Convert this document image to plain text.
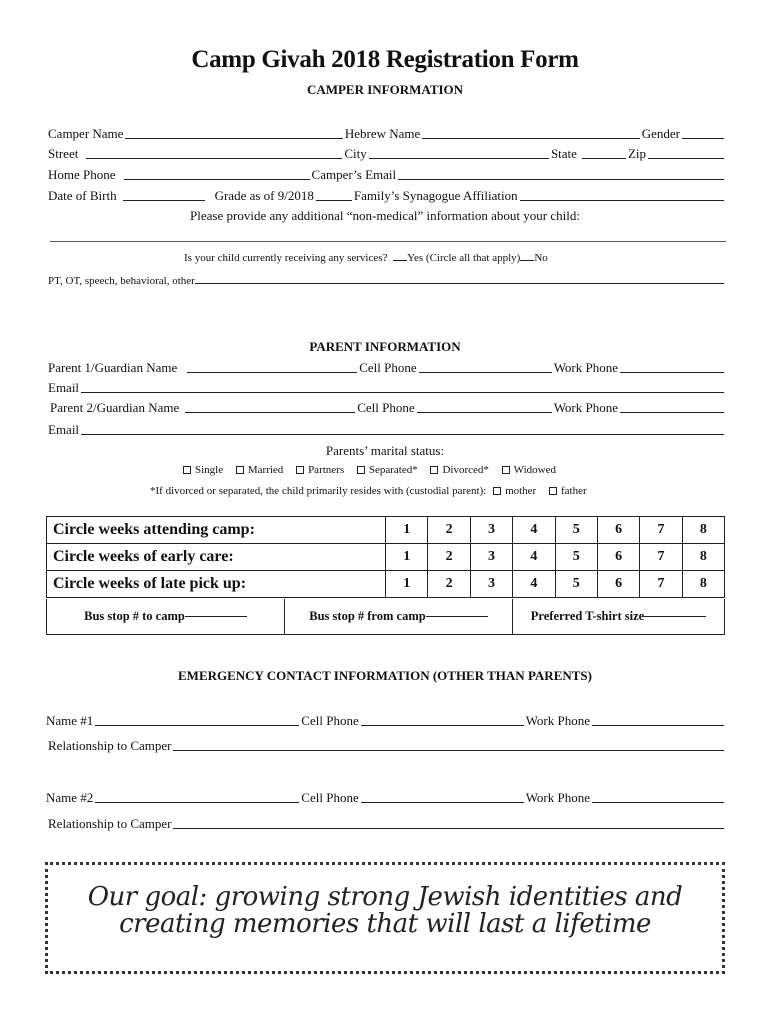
Camp Givah 2018 Registration Form
CAMPER INFORMATION
Camper Name	Hebrew Name	Gender
Street	City	State	Zip
Home Phone	Camper’s Email
Date of Birth	Grade as of 9/2018	Family’s Synagogue Affiliation
Please provide any additional “non-medical” information about your child:
Is your child currently receiving any services? Yes (Circle all that apply) No
PT, OT, speech, behavioral, other
PARENT INFORMATION
Parent 1/Guardian Name	Cell Phone	Work Phone
Email
Parent 2/Guardian Name	Cell Phone	Work Phone
Email
Parents’ marital status:
Single Married Partners Separated* Divorced* Widowed
*If divorced or separated, the child primarily resides with (custodial parent): mother father
Circle weeks attending camp:	1	2	3	4	5	6	7	8
Circle weeks of early care:	1	2	3	4	5	6	7	8
Circle weeks of late pick up:	1	2	3	4	5	6	7	8
Bus stop # to camp	Bus stop # from camp	Preferred T-shirt size
EMERGENCY CONTACT INFORMATION (OTHER THAN PARENTS)
Name #1	Cell Phone	Work Phone
Relationship to Camper
Name #2	Cell Phone	Work Phone
Relationship to Camper
Our goal: growing strong Jewish identities and creating memories that will last a lifetime
